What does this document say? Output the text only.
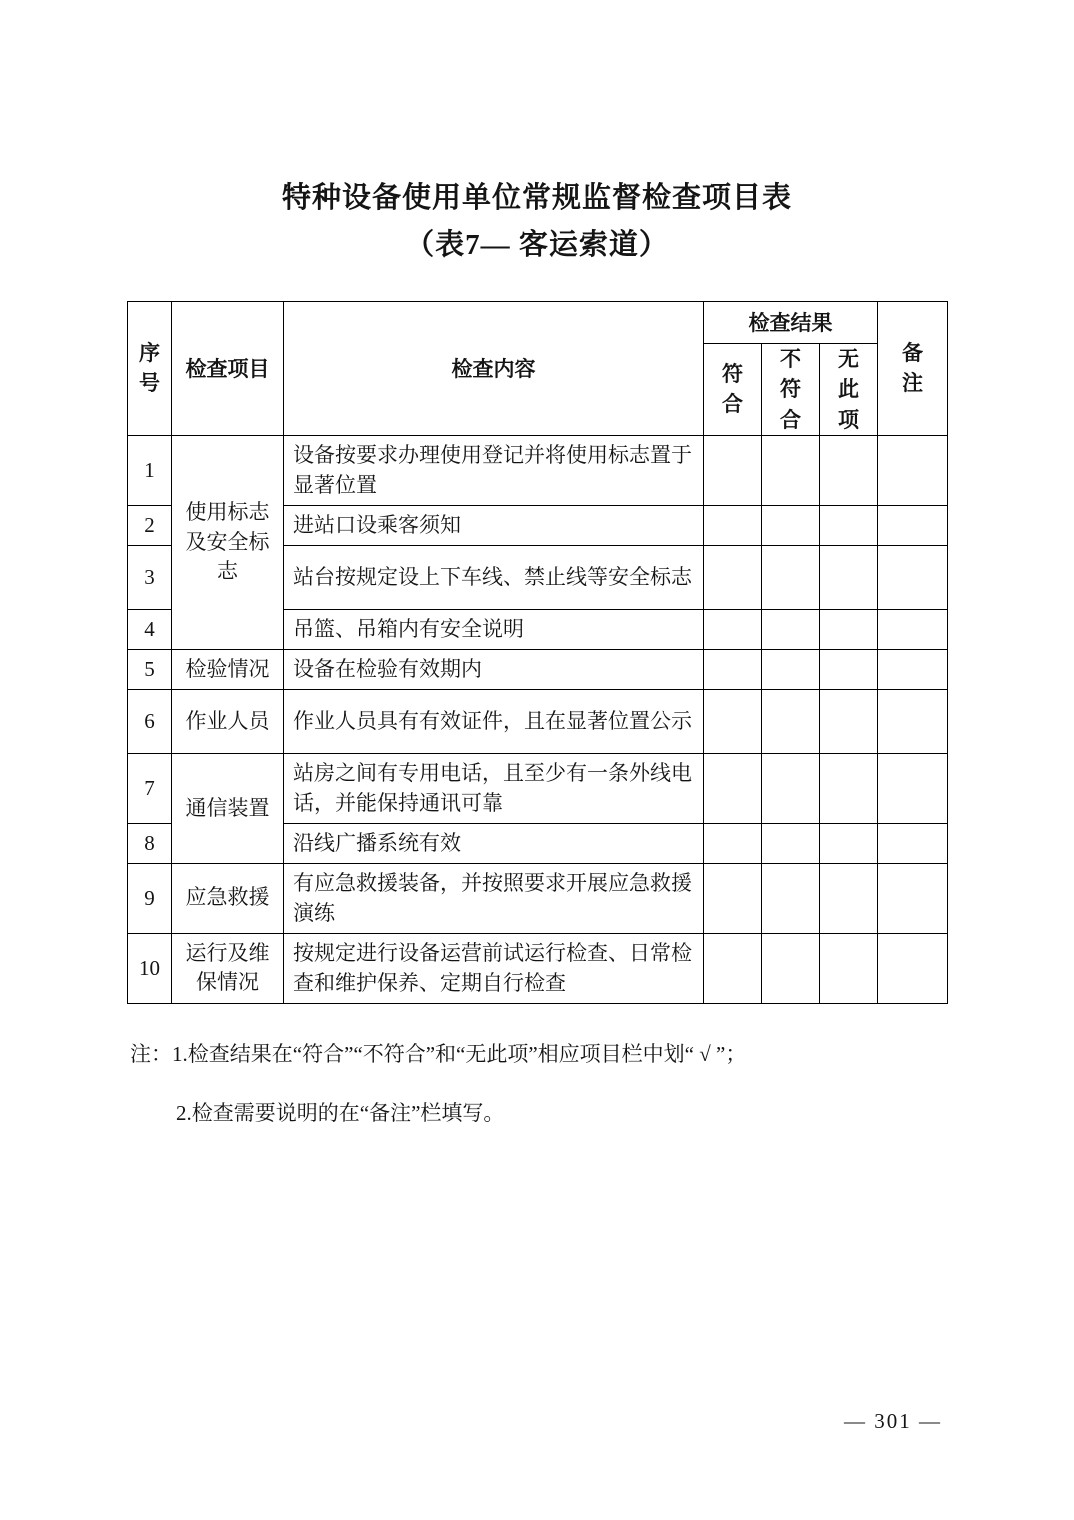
特种设备使用单位常规监督检查项目表
（表7— 客运索道）
序号	检查项目	检查内容	检查结果			备注
			符合	不符合	无此项	
1	使用标志及安全标志	设备按要求办理使用登记并将使用标志置于显著位置				
2		进站口设乘客须知				
3		站台按规定设上下车线、禁止线等安全标志				
4		吊篮、吊箱内有安全说明				
5	检验情况	设备在检验有效期内				
6	作业人员	作业人员具有有效证件，且在显著位置公示				
7	通信装置	站房之间有专用电话，且至少有一条外线电话，并能保持通讯可靠				
8		沿线广播系统有效				
9	应急救援	有应急救援装备，并按照要求开展应急救援演练				
10	运行及维保情况	按规定进行设备运营前试运行检查、日常检查和维护保养、定期自行检查				

注：1.检查结果在“符合”“不符合”和“无此项”相应项目栏中划“ √ ”；

2.检查需要说明的在“备注”栏填写。

— 301 —
